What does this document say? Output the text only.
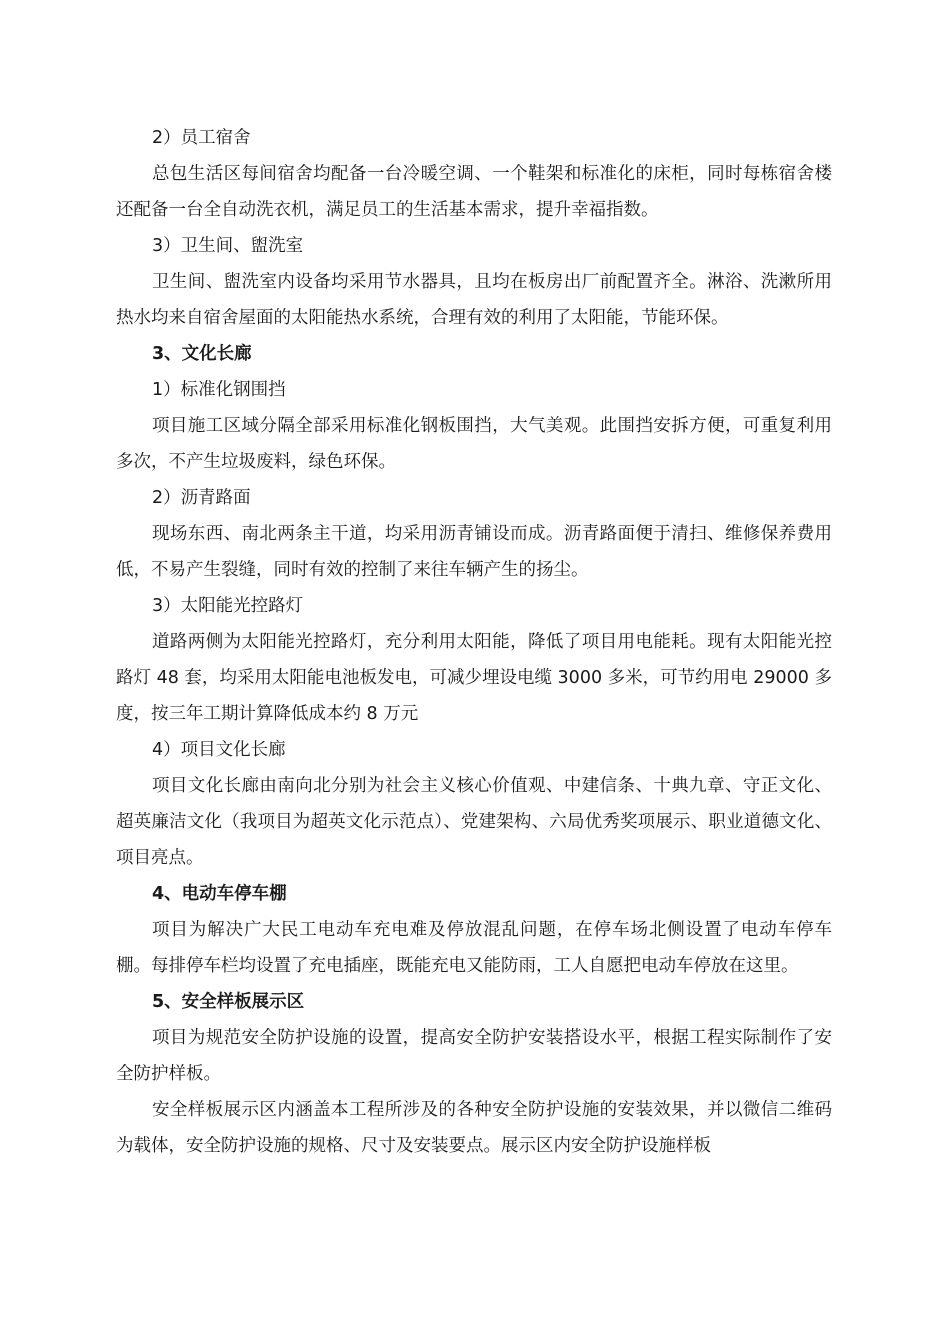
2）员工宿舍

总包生活区每间宿舍均配备一台冷暖空调、一个鞋架和标准化的床柜，同时每栋宿舍楼还配备一台全自动洗衣机，满足员工的生活基本需求，提升幸福指数。

3）卫生间、盥洗室

卫生间、盥洗室内设备均采用节水器具，且均在板房出厂前配置齐全。淋浴、洗漱所用热水均来自宿舍屋面的太阳能热水系统，合理有效的利用了太阳能，节能环保。

3、文化长廊

1）标准化钢围挡

项目施工区域分隔全部采用标准化钢板围挡，大气美观。此围挡安拆方便，可重复利用多次，不产生垃圾废料，绿色环保。

2）沥青路面

现场东西、南北两条主干道，均采用沥青铺设而成。沥青路面便于清扫、维修保养费用低，不易产生裂缝，同时有效的控制了来往车辆产生的扬尘。

3）太阳能光控路灯

道路两侧为太阳能光控路灯，充分利用太阳能，降低了项目用电能耗。现有太阳能光控路灯 48 套，均采用太阳能电池板发电，可减少埋设电缆 3000 多米，可节约用电 29000 多度，按三年工期计算降低成本约 8 万元

4）项目文化长廊

项目文化长廊由南向北分别为社会主义核心价值观、中建信条、十典九章、守正文化、超英廉洁文化（我项目为超英文化示范点）、党建架构、六局优秀奖项展示、职业道德文化、项目亮点。

4、电动车停车棚

项目为解决广大民工电动车充电难及停放混乱问题，在停车场北侧设置了电动车停车棚。每排停车栏均设置了充电插座，既能充电又能防雨，工人自愿把电动车停放在这里。

5、安全样板展示区

项目为规范安全防护设施的设置，提高安全防护安装搭设水平，根据工程实际制作了安全防护样板。

安全样板展示区内涵盖本工程所涉及的各种安全防护设施的安装效果，并以微信二维码为载体，安全防护设施的规格、尺寸及安装要点。展示区内安全防护设施样板
